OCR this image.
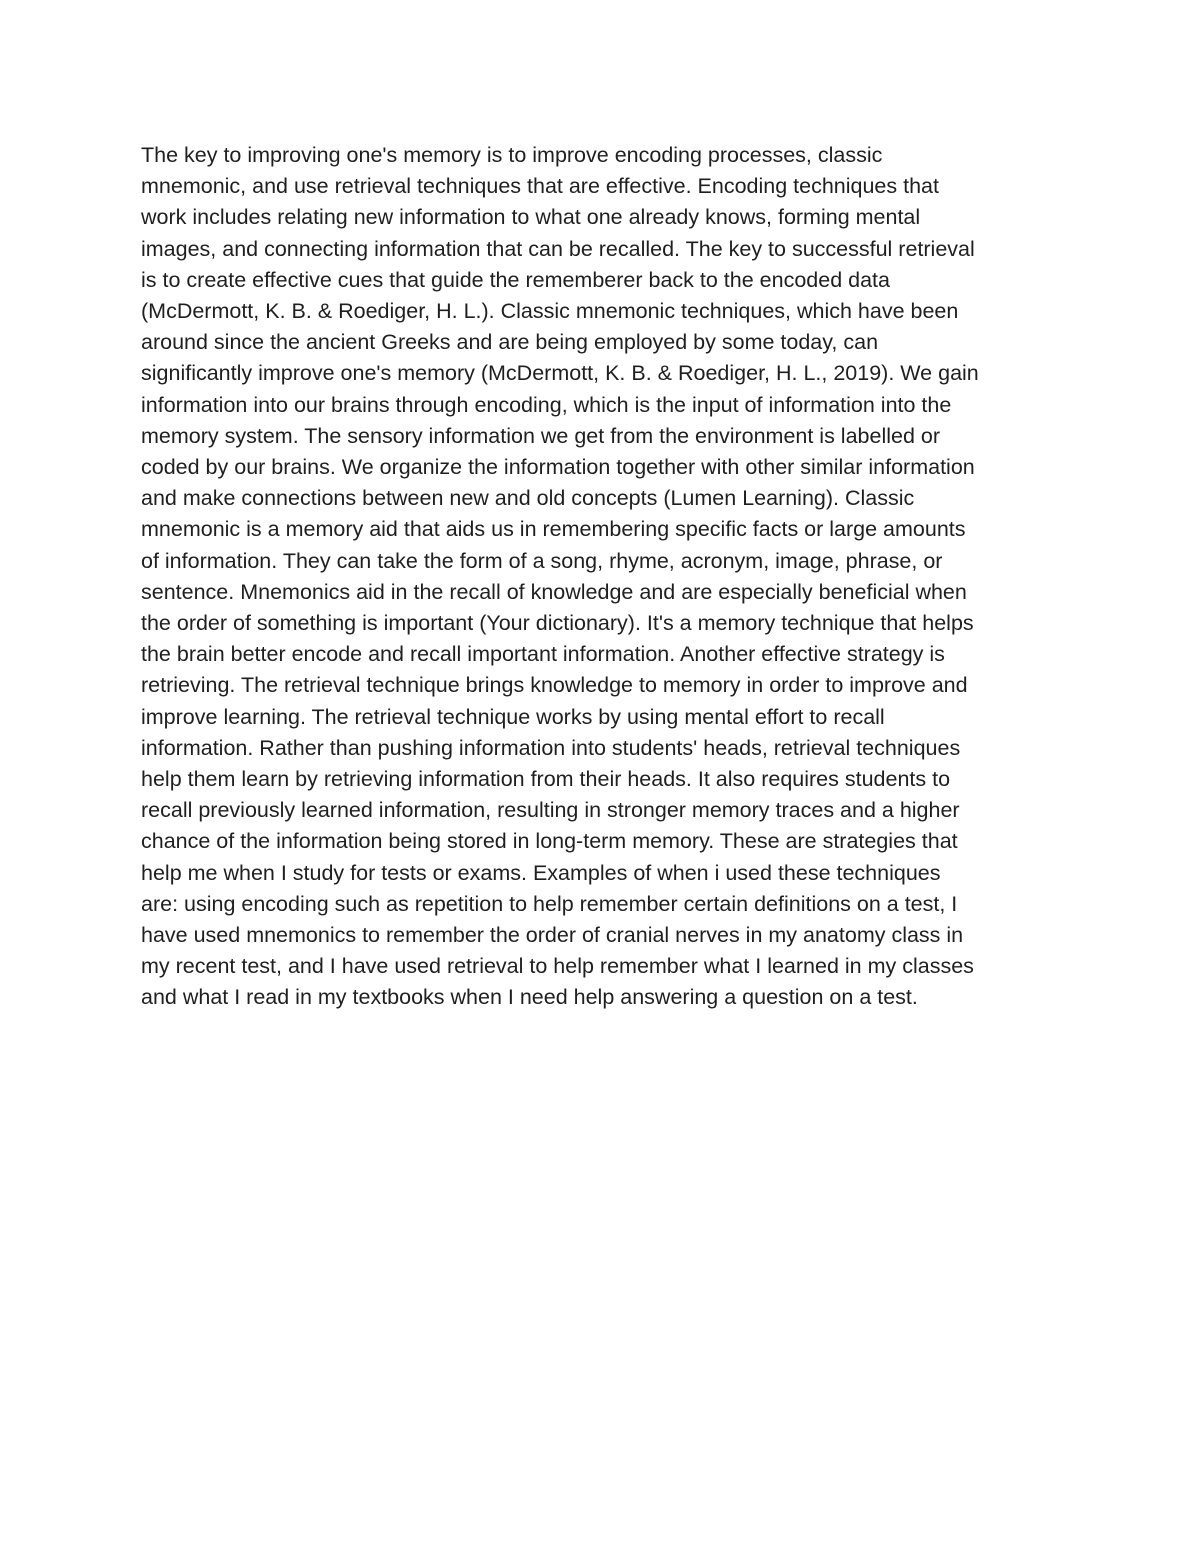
The key to improving one's memory is to improve encoding processes, classic
mnemonic, and use retrieval techniques that are effective. Encoding techniques that
work includes relating new information to what one already knows, forming mental
images, and connecting information that can be recalled. The key to successful retrieval
is to create effective cues that guide the rememberer back to the encoded data
(McDermott, K. B. & Roediger, H. L.). Classic mnemonic techniques, which have been
around since the ancient Greeks and are being employed by some today, can
significantly improve one's memory (McDermott, K. B. & Roediger, H. L., 2019). We gain
information into our brains through encoding, which is the input of information into the
memory system. The sensory information we get from the environment is labelled or
coded by our brains. We organize the information together with other similar information
and make connections between new and old concepts (Lumen Learning). Classic
mnemonic is a memory aid that aids us in remembering specific facts or large amounts
of information. They can take the form of a song, rhyme, acronym, image, phrase, or
sentence. Mnemonics aid in the recall of knowledge and are especially beneficial when
the order of something is important (Your dictionary). It's a memory technique that helps
the brain better encode and recall important information. Another effective strategy is
retrieving. The retrieval technique brings knowledge to memory in order to improve and
improve learning. The retrieval technique works by using mental effort to recall
information. Rather than pushing information into students' heads, retrieval techniques
help them learn by retrieving information from their heads. It also requires students to
recall previously learned information, resulting in stronger memory traces and a higher
chance of the information being stored in long-term memory. These are strategies that
help me when I study for tests or exams. Examples of when i used these techniques
are: using encoding such as repetition to help remember certain definitions on a test, I
have used mnemonics to remember the order of cranial nerves in my anatomy class in
my recent test, and I have used retrieval to help remember what I learned in my classes
and what I read in my textbooks when I need help answering a question on a test.
